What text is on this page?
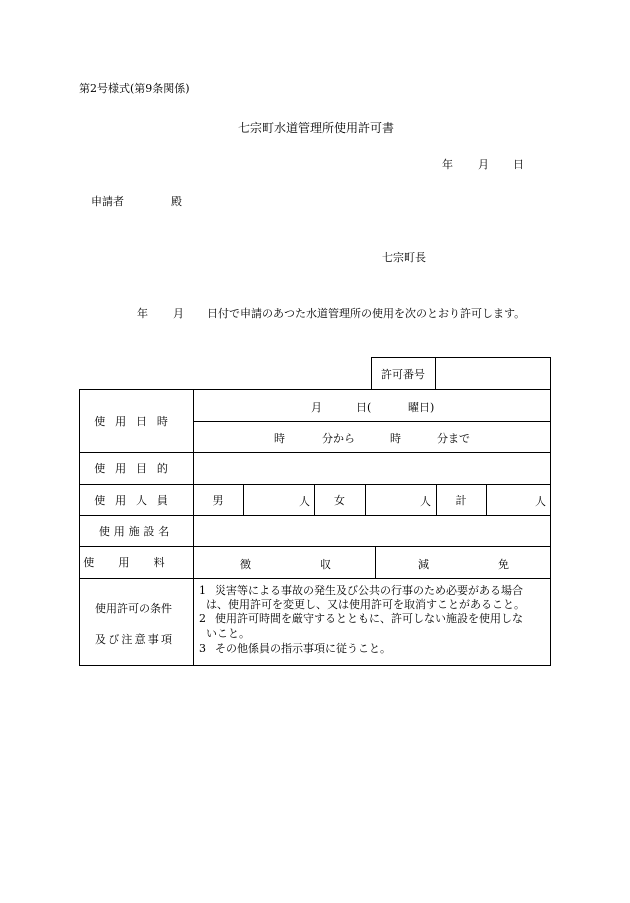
第2号様式(第9条関係)
七宗町水道管理所使用許可書
年 月 日
申請者	殿
七宗町長
年 月 日付で申請のあつた水道管理所の使用を次のとおり許可します。
許可番号
使用日時
月	日(	曜日)
時	分から	時	分まで
使用目的
使用人員	男	人	女	人	計	人
使用施設名
使用料	徴	収	減	免
使用許可の条件
及び注意事項
1 災害等による事故の発生及び公共の行事のため必要がある場合
は、使用許可を変更し、又は使用許可を取消すことがあること。
2 使用許可時間を厳守するとともに、許可しない施設を使用しな
いこと。
3 その他係員の指示事項に従うこと。
